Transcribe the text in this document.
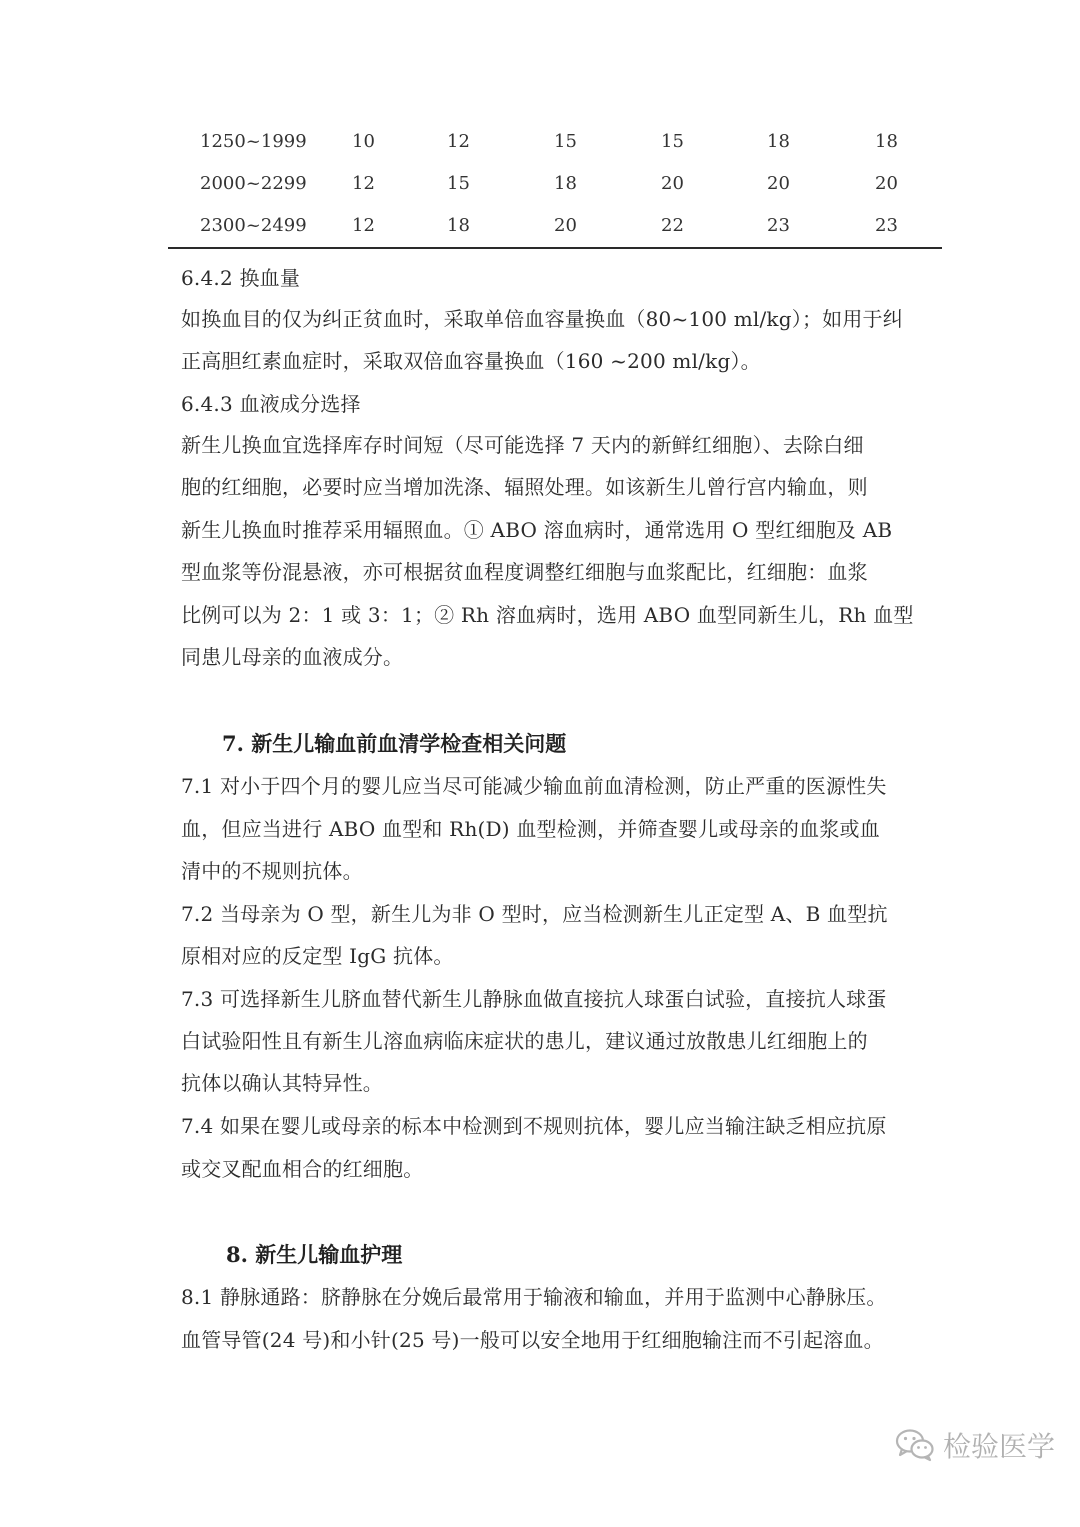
1250~1999	10	12	15	15	18	18
2000~2299	12	15	18	20	20	20
2300~2499	12	18	20	22	23	23
6.4.2 换血量
如换血目的仅为纠正贫血时，采取单倍血容量换血（80~100 ml/kg）；如用于纠
正高胆红素血症时，采取双倍血容量换血（160 ~200 ml/kg）。
6.4.3 血液成分选择
新生儿换血宜选择库存时间短（尽可能选择 7 天内的新鲜红细胞）、去除白细
胞的红细胞，必要时应当增加洗涤、辐照处理。如该新生儿曾行宫内输血，则
新生儿换血时推荐采用辐照血。① ABO 溶血病时，通常选用 O 型红细胞及 AB
型血浆等份混悬液，亦可根据贫血程度调整红细胞与血浆配比，红细胞：血浆
比例可以为 2：1 或 3：1；② Rh 溶血病时，选用 ABO 血型同新生儿，Rh 血型
同患儿母亲的血液成分。
7. 新生儿输血前血清学检查相关问题
7.1 对小于四个月的婴儿应当尽可能减少输血前血清检测，防止严重的医源性失
血，但应当进行 ABO 血型和 Rh(D) 血型检测，并筛查婴儿或母亲的血浆或血
清中的不规则抗体。
7.2 当母亲为 O 型，新生儿为非 O 型时，应当检测新生儿正定型 A、B 血型抗
原相对应的反定型 IgG 抗体。
7.3 可选择新生儿脐血替代新生儿静脉血做直接抗人球蛋白试验，直接抗人球蛋
白试验阳性且有新生儿溶血病临床症状的患儿，建议通过放散患儿红细胞上的
抗体以确认其特异性。
7.4 如果在婴儿或母亲的标本中检测到不规则抗体，婴儿应当输注缺乏相应抗原
或交叉配血相合的红细胞。
8. 新生儿输血护理
8.1 静脉通路：脐静脉在分娩后最常用于输液和输血，并用于监测中心静脉压。
血管导管(24 号)和小针(25 号)一般可以安全地用于红细胞输注而不引起溶血。
检验医学
